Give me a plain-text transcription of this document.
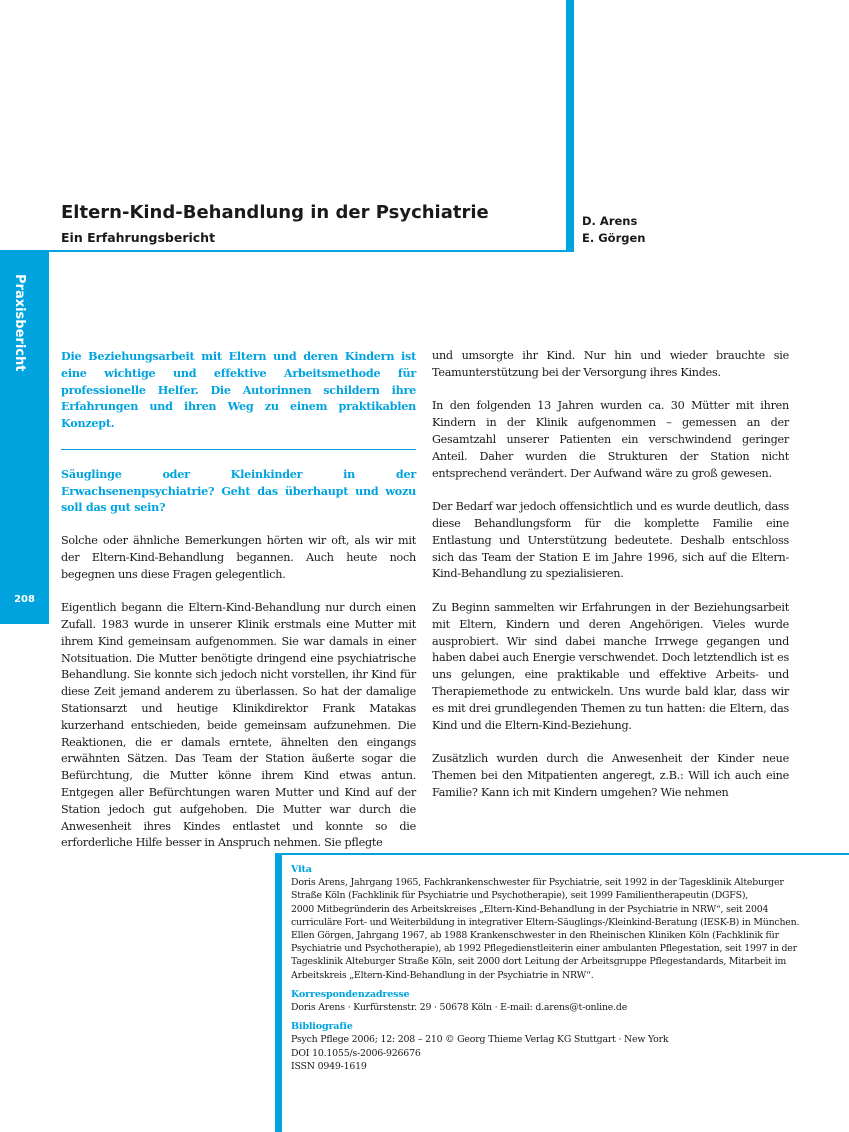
Praxisbericht
208
Eltern-Kind-Behandlung in der Psychiatrie
Ein Erfahrungsbericht
D. Arens
E. Görgen

Die Beziehungsarbeit mit Eltern und deren Kindern ist eine wichtige und effektive Arbeitsmethode für professionelle Helfer. Die Autorinnen schildern ihre Erfahrungen und ihren Weg zu einem praktikablen Konzept.

Säuglinge oder Kleinkinder in der Erwachsenenpsychiatrie? Geht das überhaupt und wozu soll das gut sein?

Solche oder ähnliche Bemerkungen hörten wir oft, als wir mit der Eltern-Kind-Behandlung begannen. Auch heute noch begegnen uns diese Fragen gelegentlich.

Eigentlich begann die Eltern-Kind-Behandlung nur durch einen Zufall. 1983 wurde in unserer Klinik erstmals eine Mutter mit ihrem Kind gemeinsam aufgenommen. Sie war damals in einer Notsituation. Die Mutter benötigte dringend eine psychiatrische Behandlung. Sie konnte sich jedoch nicht vorstellen, ihr Kind für diese Zeit jemand anderem zu überlassen. So hat der damalige Stationsarzt und heutige Klinikdirektor Frank Matakas kurzerhand entschieden, beide gemeinsam aufzunehmen. Die Reaktionen, die er damals erntete, ähnelten den eingangs erwähnten Sätzen. Das Team der Station äußerte sogar die Befürchtung, die Mutter könne ihrem Kind etwas antun. Entgegen aller Befürchtungen waren Mutter und Kind auf der Station jedoch gut aufgehoben. Die Mutter war durch die Anwesenheit ihres Kindes entlastet und konnte so die erforderliche Hilfe besser in Anspruch nehmen. Sie pflegte

und umsorgte ihr Kind. Nur hin und wieder brauchte sie Teamunterstützung bei der Versorgung ihres Kindes.

In den folgenden 13 Jahren wurden ca. 30 Mütter mit ihren Kindern in der Klinik aufgenommen – gemessen an der Gesamtzahl unserer Patienten ein verschwindend geringer Anteil. Daher wurden die Strukturen der Station nicht entsprechend verändert. Der Aufwand wäre zu groß gewesen.

Der Bedarf war jedoch offensichtlich und es wurde deutlich, dass diese Behandlungsform für die komplette Familie eine Entlastung und Unterstützung bedeutete. Deshalb entschloss sich das Team der Station E im Jahre 1996, sich auf die Eltern-Kind-Behandlung zu spezialisieren.

Zu Beginn sammelten wir Erfahrungen in der Beziehungsarbeit mit Eltern, Kindern und deren Angehörigen. Vieles wurde ausprobiert. Wir sind dabei manche Irrwege gegangen und haben dabei auch Energie verschwendet. Doch letztendlich ist es uns gelungen, eine praktikable und effektive Arbeits- und Therapiemethode zu entwickeln. Uns wurde bald klar, dass wir es mit drei grundlegenden Themen zu tun hatten: die Eltern, das Kind und die Eltern-Kind-Beziehung.

Zusätzlich wurden durch die Anwesenheit der Kinder neue Themen bei den Mitpatienten angeregt, z.B.: Will ich auch eine Familie? Kann ich mit Kindern umgehen? Wie nehmen

Vita
Doris Arens, Jahrgang 1965, Fachkrankenschwester für Psychiatrie, seit 1992 in der Tagesklinik Alteburger
Straße Köln (Fachklinik für Psychiatrie und Psychotherapie), seit 1999 Familientherapeutin (DGFS),
2000 Mitbegründerin des Arbeitskreises „Eltern-Kind-Behandlung in der Psychiatrie in NRW“, seit 2004
curriculäre Fort- und Weiterbildung in integrativer Eltern-Säuglings-/Kleinkind-Beratung (IESK-B) in München.
Ellen Görgen, Jahrgang 1967, ab 1988 Krankenschwester in den Rheinischen Kliniken Köln (Fachklinik für
Psychiatrie und Psychotherapie), ab 1992 Pflegedienstleiterin einer ambulanten Pflegestation, seit 1997 in der
Tagesklinik Alteburger Straße Köln, seit 2000 dort Leitung der Arbeitsgruppe Pflegestandards, Mitarbeit im
Arbeitskreis „Eltern-Kind-Behandlung in der Psychiatrie in NRW“.
Korrespondenzadresse
Doris Arens · Kurfürstenstr. 29 · 50678 Köln · E-mail: d.arens@t-online.de
Bibliografie
Psych Pflege 2006; 12: 208 – 210 © Georg Thieme Verlag KG Stuttgart · New York
DOI 10.1055/s-2006-926676
ISSN 0949-1619
